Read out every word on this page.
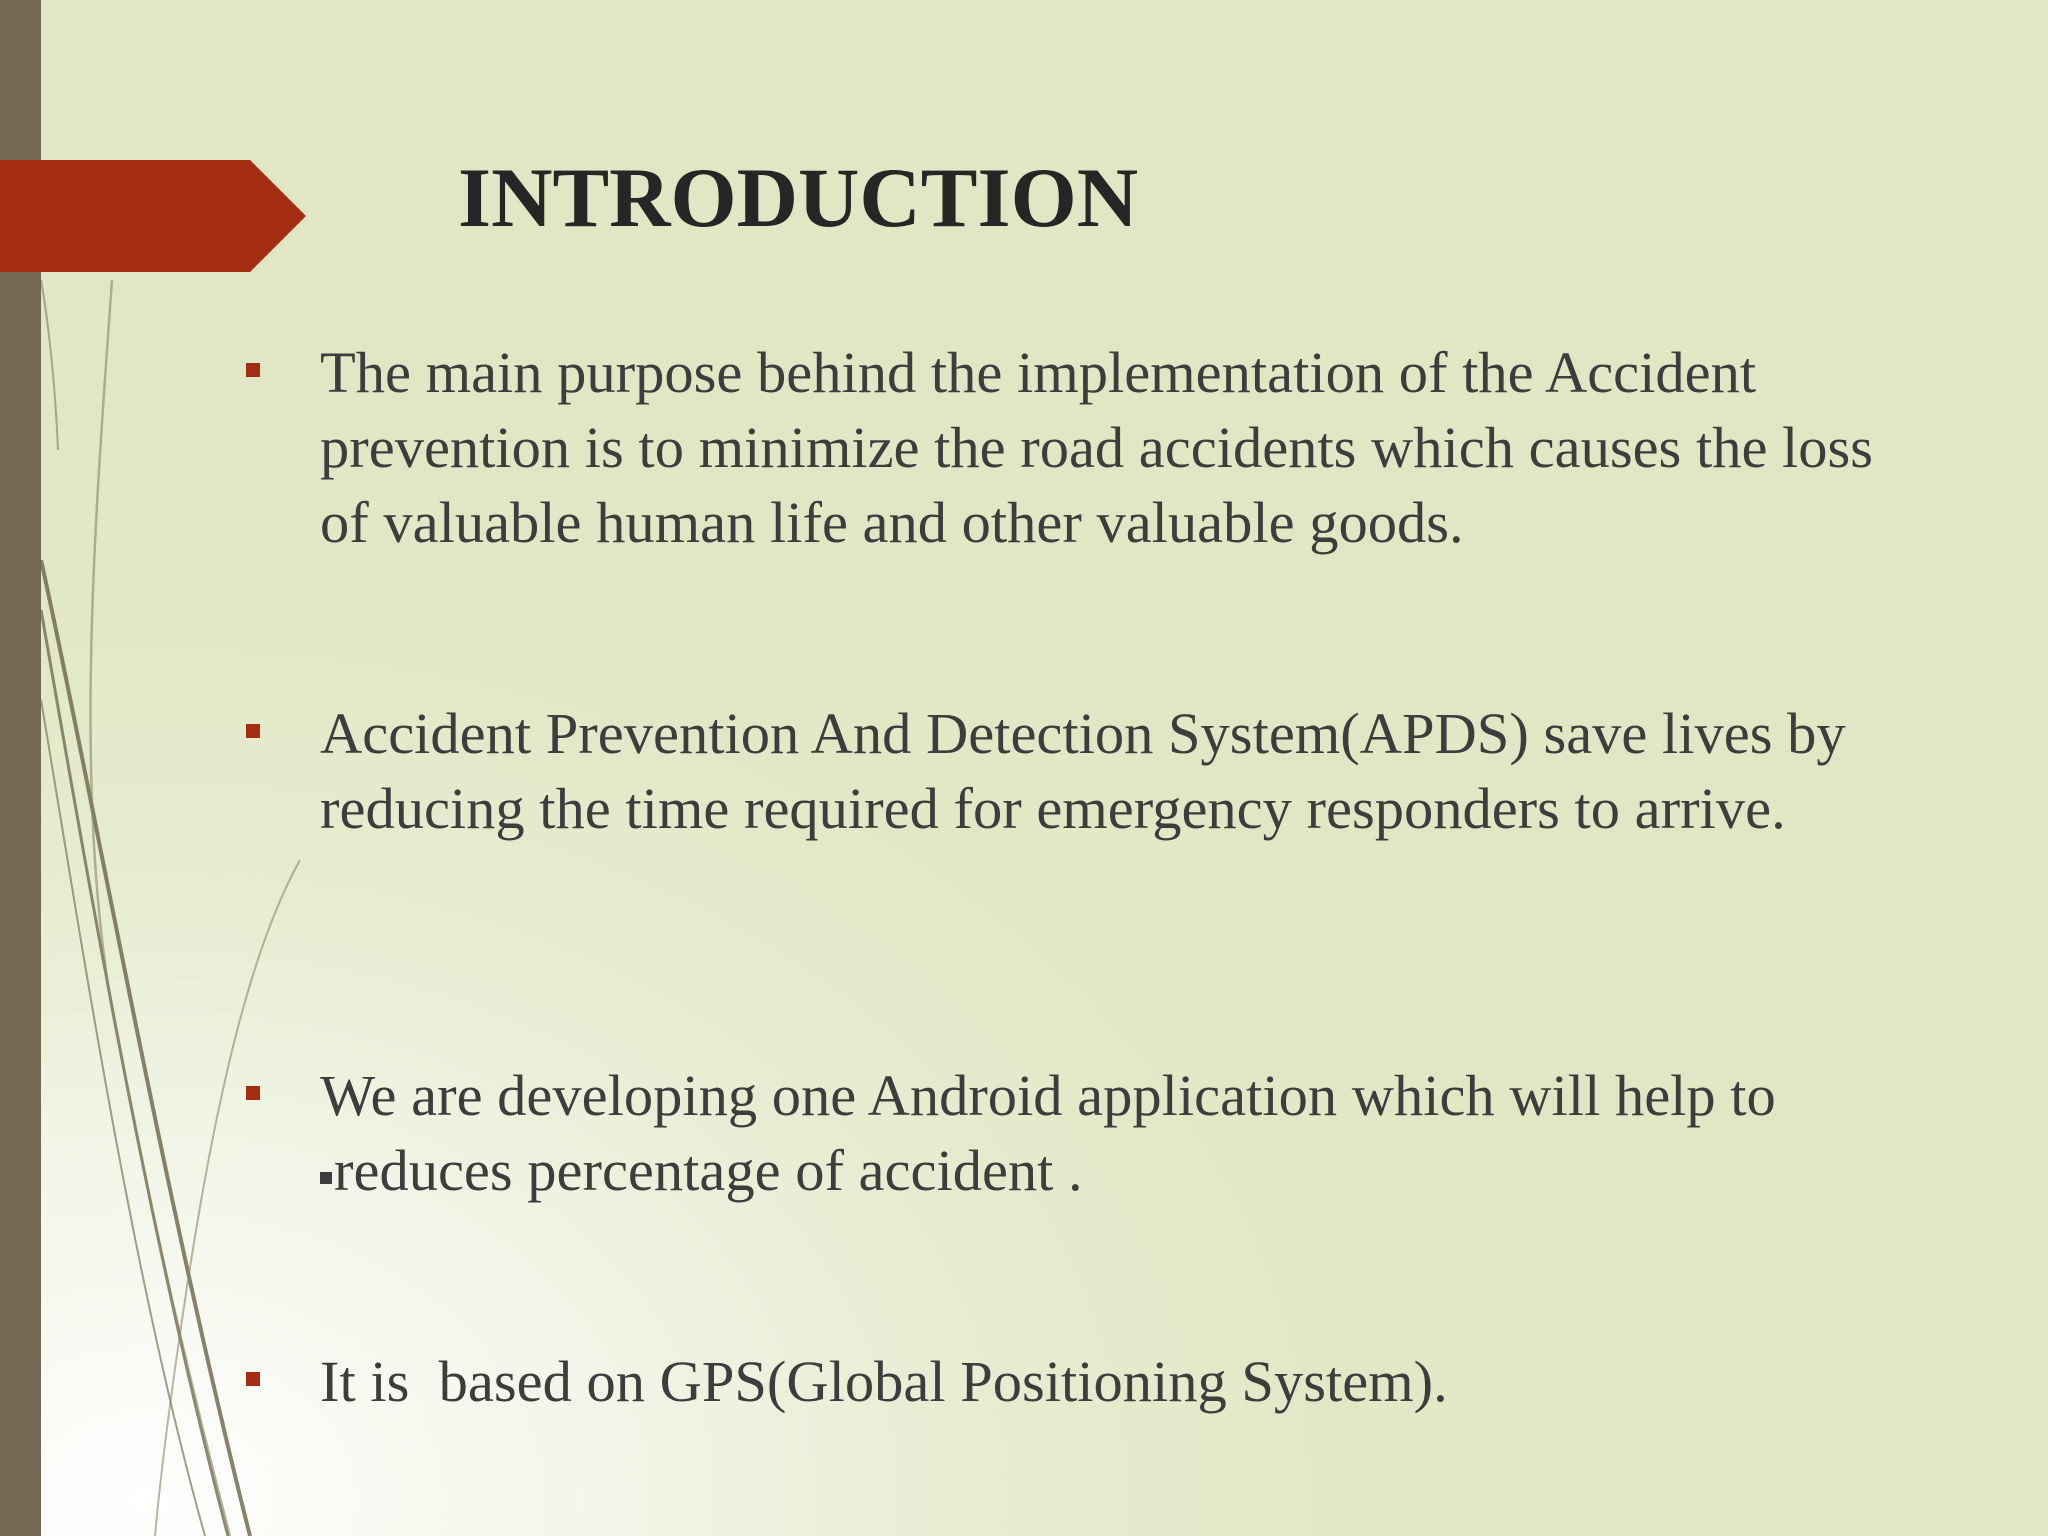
INTRODUCTION

The main purpose behind the implementation of the Accident prevention is to minimize the road accidents which causes the loss of valuable human life and other valuable goods.

Accident Prevention And Detection System(APDS) save lives by reducing the time required for emergency responders to arrive.

We are developing one Android application which will help to
reduces percentage of accident .

It is  based on GPS(Global Positioning System).
